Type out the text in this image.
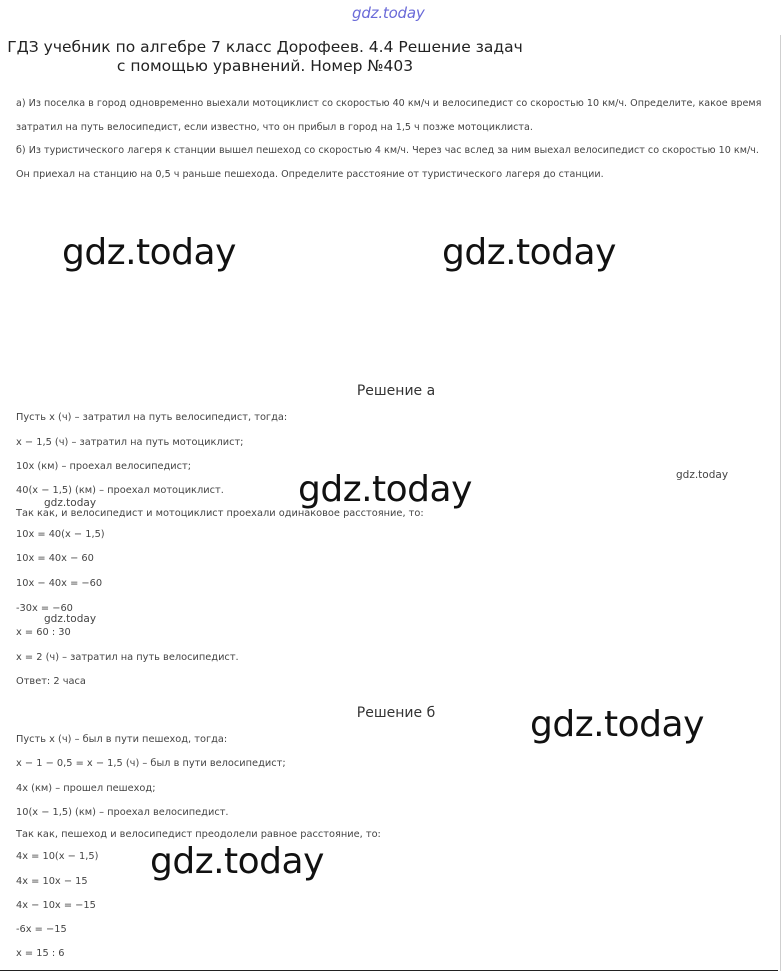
gdz.today
ГДЗ учебник по алгебре 7 класс Дорофеев. 4.4 Решение задач
с помощью уравнений. Номер №403
а) Из поселка в город одновременно выехали мотоциклист со скоростью 40 км/ч и велосипедист со скоростью 10 км/ч. Определите, какое время
затратил на путь велосипедист, если известно, что он прибыл в город на 1,5 ч позже мотоциклиста.
б) Из туристического лагеря к станции вышел пешеход со скоростью 4 км/ч. Через час вслед за ним выехал велосипедист со скоростью 10 км/ч.
Он приехал на станцию на 0,5 ч раньше пешехода. Определите расстояние от туристического лагеря до станции.
Решение а
Пусть x (ч) – затратил на путь велосипедист, тогда:
x − 1,5 (ч) – затратил на путь мотоциклист;
10x (км) – проехал велосипедист;
40(x − 1,5) (км) – проехал мотоциклист.
Так как, и велосипедист и мотоциклист проехали одинаковое расстояние, то:
10x = 40(x − 1,5)
10x = 40x − 60
10x − 40x = −60
-30x = −60
x = 60 : 30
x = 2 (ч) – затратил на путь велосипедист.
Ответ: 2 часа
Решение б
Пусть x (ч) – был в пути пешеход, тогда:
x − 1 − 0,5 = x − 1,5 (ч) – был в пути велосипедист;
4x (км) – прошел пешеход;
10(x − 1,5) (км) – проехал велосипедист.
Так как, пешеход и велосипедист преодолели равное расстояние, то:
4x = 10(x − 1,5)
4x = 10x − 15
4x − 10x = −15
-6x = −15
x = 15 : 6
gdz.today	gdz.today
gdz.today	gdz.today
gdz.today
gdz.today
gdz.today
gdz.today
